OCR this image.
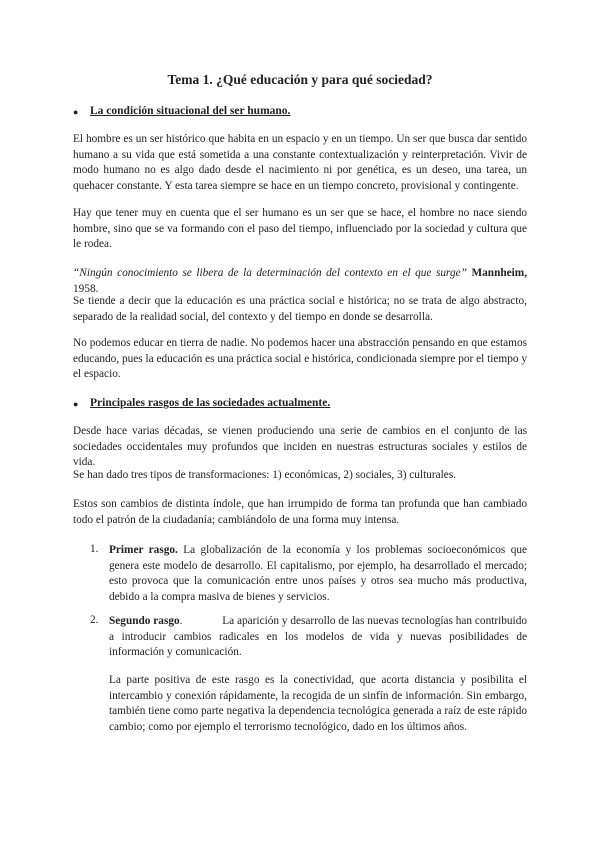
Tema 1. ¿Qué educación y para qué sociedad?
● La condición situacional del ser humano.
El hombre es un ser histórico que habita en un espacio y en un tiempo. Un ser que busca dar sentido humano a su vida que está sometida a una constante contextualización y reinterpretación. Vivir de modo humano no es algo dado desde el nacimiento ni por genética, es un deseo, una tarea, un quehacer constante. Y esta tarea siempre se hace en un tiempo concreto, provisional y contingente.
Hay que tener muy en cuenta que el ser humano es un ser que se hace, el hombre no nace siendo hombre, sino que se va formando con el paso del tiempo, influenciado por la sociedad y cultura que le rodea.
“Ningún conocimiento se libera de la determinación del contexto en el que surge” Mannheim, 1958.
Se tiende a decir que la educación es una práctica social e histórica; no se trata de algo abstracto, separado de la realidad social, del contexto y del tiempo en donde se desarrolla.
No podemos educar en tierra de nadie. No podemos hacer una abstracción pensando en que estamos educando, pues la educación es una práctica social e histórica, condicionada siempre por el tiempo y el espacio.
● Principales rasgos de las sociedades actualmente.
Desde hace varias décadas, se vienen produciendo una serie de cambios en el conjunto de las sociedades occidentales muy profundos que inciden en nuestras estructuras sociales y estilos de vida.
Se han dado tres tipos de transformaciones: 1) económicas, 2) sociales, 3) culturales.
Estos son cambios de distinta índole, que han irrumpido de forma tan profunda que han cambiado todo el patrón de la ciudadanía; cambiándolo de una forma muy intensa.
1. Primer rasgo. La globalización de la economía y los problemas socioeconómicos que genera este modelo de desarrollo. El capitalismo, por ejemplo, ha desarrollado el mercado; esto provoca que la comunicación entre unos países y otros sea mucho más productiva, debido a la compra masiva de bienes y servicios.
2. Segundo rasgo.              La aparición y desarrollo de las nuevas tecnologías han contribuido a introducir cambios radicales en los modelos de vida y nuevas posibilidades de información y comunicación.
La parte positiva de este rasgo es la conectividad, que acorta distancia y posibilita el intercambio y conexión rápidamente, la recogida de un sinfín de información. Sin embargo, también tiene como parte negativa la dependencia tecnológica generada a raíz de este rápido cambio; como por ejemplo el terrorismo tecnológico, dado en los últimos años.
